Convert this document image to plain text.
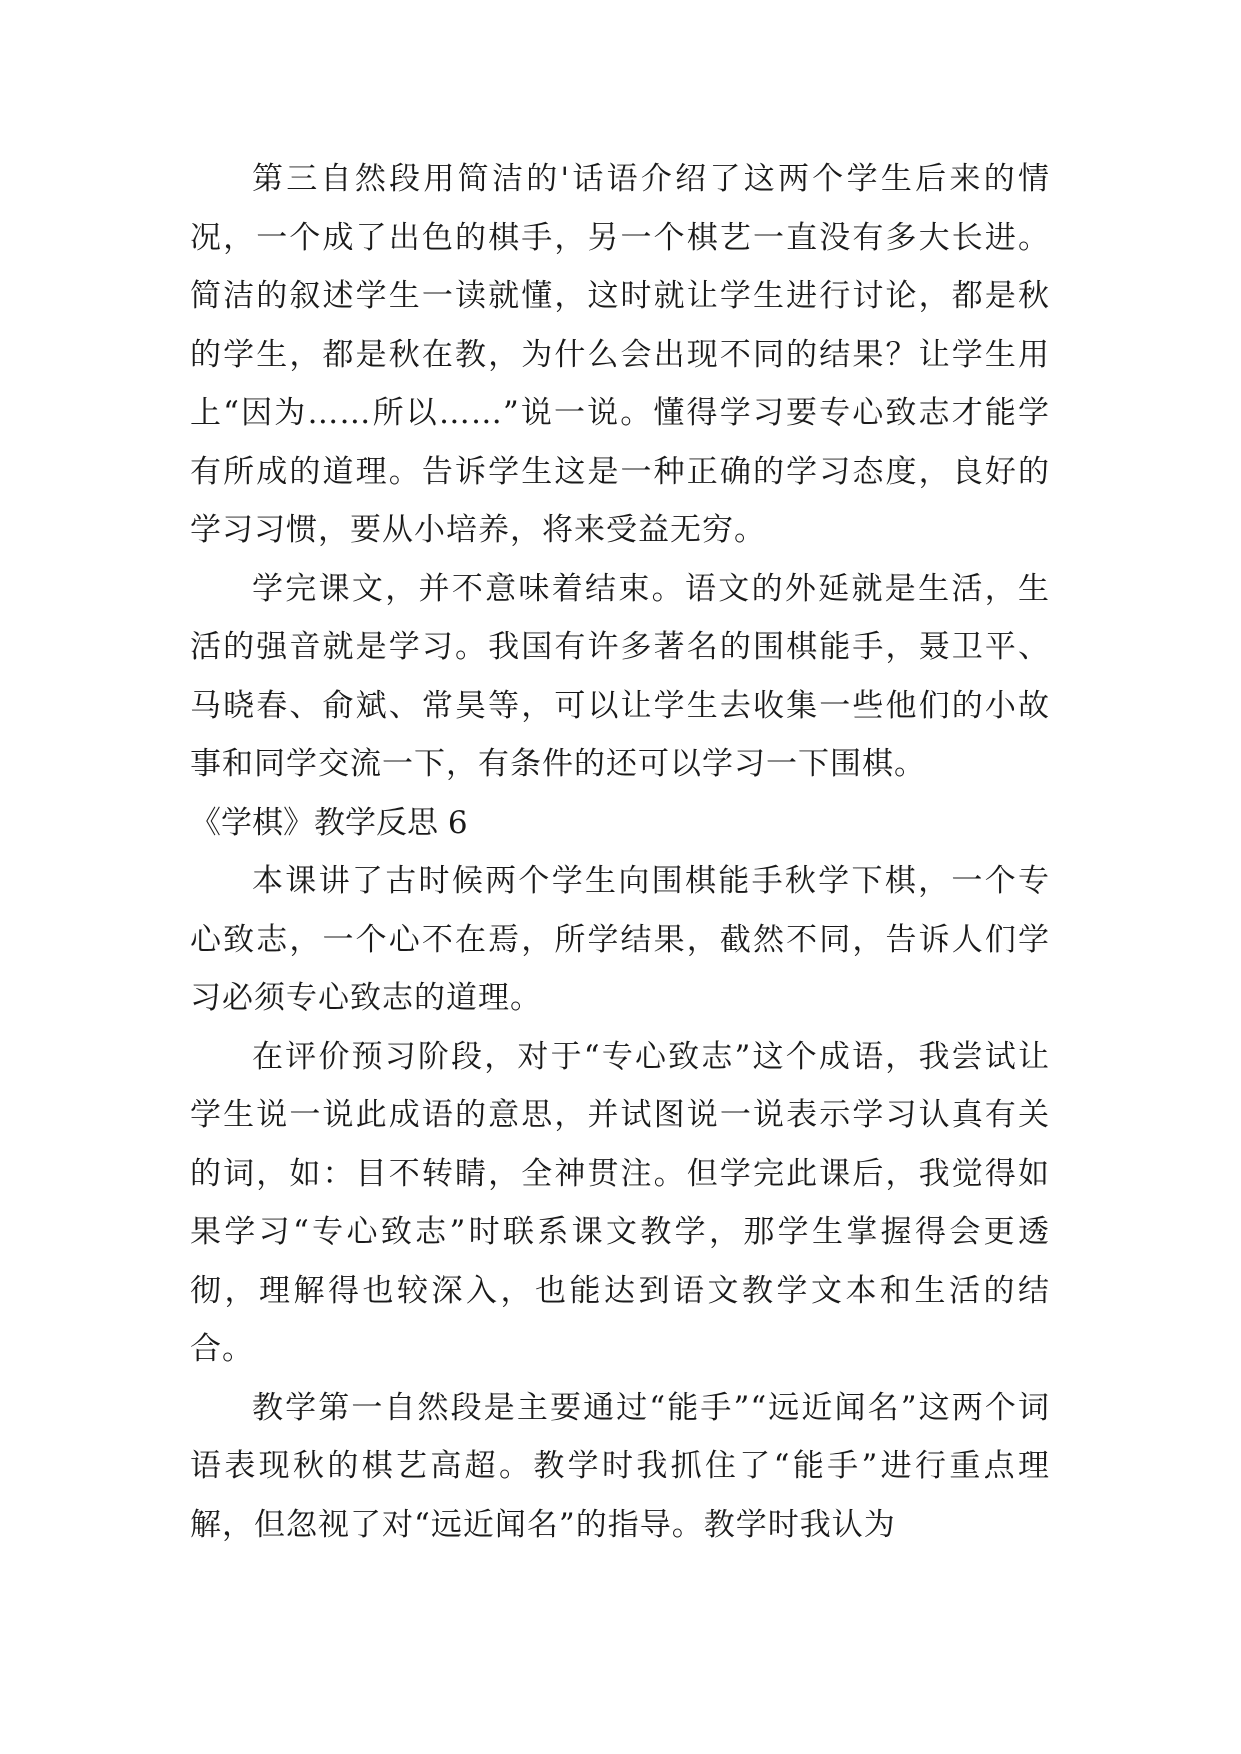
第三自然段用简洁的'话语介绍了这两个学生后来的情况，一个成了出色的棋手，另一个棋艺一直没有多大长进。简洁的叙述学生一读就懂，这时就让学生进行讨论，都是秋的学生，都是秋在教，为什么会出现不同的结果？让学生用上“因为……所以……”说一说。懂得学习要专心致志才能学有所成的道理。告诉学生这是一种正确的学习态度，良好的学习习惯，要从小培养，将来受益无穷。

学完课文，并不意味着结束。语文的外延就是生活，生活的强音就是学习。我国有许多著名的围棋能手，聂卫平、马晓春、俞斌、常昊等，可以让学生去收集一些他们的小故事和同学交流一下，有条件的还可以学习一下围棋。

《学棋》教学反思 6

本课讲了古时候两个学生向围棋能手秋学下棋，一个专心致志，一个心不在焉，所学结果，截然不同，告诉人们学习必须专心致志的道理。

在评价预习阶段，对于“专心致志”这个成语，我尝试让学生说一说此成语的意思，并试图说一说表示学习认真有关的词，如：目不转睛，全神贯注。但学完此课后，我觉得如果学习“专心致志”时联系课文教学，那学生掌握得会更透彻，理解得也较深入，也能达到语文教学文本和生活的结合。

教学第一自然段是主要通过“能手”“远近闻名”这两个词语表现秋的棋艺高超。教学时我抓住了“能手”进行重点理解，但忽视了对“远近闻名”的指导。教学时我认为
